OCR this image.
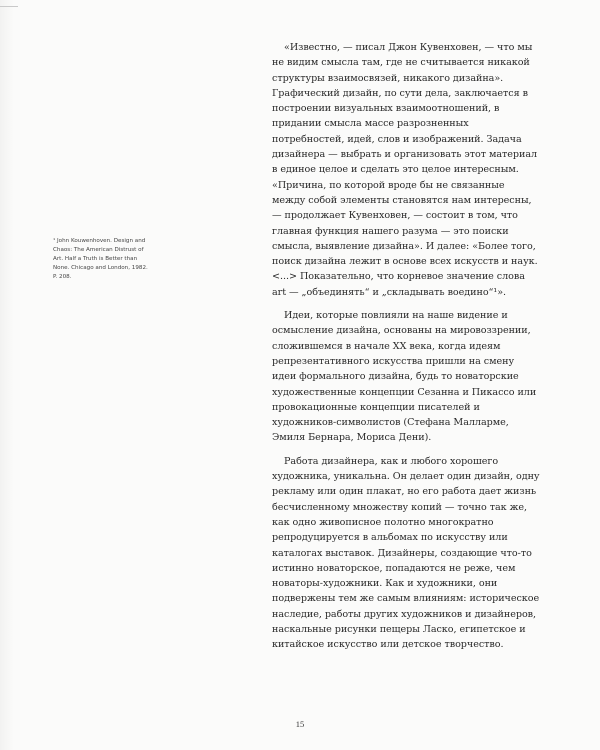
¹ John Kouwenhoven. Design and Chaos: The American Distrust of Art. Half a Truth is Better than None. Chicago and London, 1982. P. 208.

«Известно, — писал Джон Кувенховен, — что мы не видим смысла там, где не считывается никакой структуры взаимосвязей, никакого дизайна». Графический дизайн, по сути дела, заключается в построении визуальных взаимоотношений, в придании смысла массе разрозненных потребностей, идей, слов и изображений. Задача дизайнера — выбрать и организовать этот материал в единое целое и сделать это целое интересным. «Причина, по которой вроде бы не связанные между собой элементы становятся нам интересны, — продолжает Кувенховен, — состоит в том, что главная функция нашего разума — это поиски смысла, выявление дизайна». И далее: «Более того, поиск дизайна лежит в основе всех искусств и наук. <...> Показательно, что корневое значение слова art — „объединять“ и „складывать воедино“¹».

Идеи, которые повлияли на наше видение и осмысление дизайна, основаны на мировоззрении, сложившемся в начале XX века, когда идеям репрезентативного искусства пришли на смену идеи формального дизайна, будь то новаторские художественные концепции Сезанна и Пикассо или провокационные концепции писателей и художников-символистов (Стефана Малларме, Эмиля Бернара, Мориса Дени).

Работа дизайнера, как и любого хорошего художника, уникальна. Он делает один дизайн, одну рекламу или один плакат, но его работа дает жизнь бесчисленному множеству копий — точно так же, как одно живописное полотно многократно репродуцируется в альбомах по искусству или каталогах выставок. Дизайнеры, создающие что-то истинно новаторское, попадаются не реже, чем новаторы-художники. Как и художники, они подвержены тем же самым влияниям: историческое наследие, работы других художников и дизайнеров, наскальные рисунки пещеры Ласко, египетское и китайское искусство или детское творчество.

15
